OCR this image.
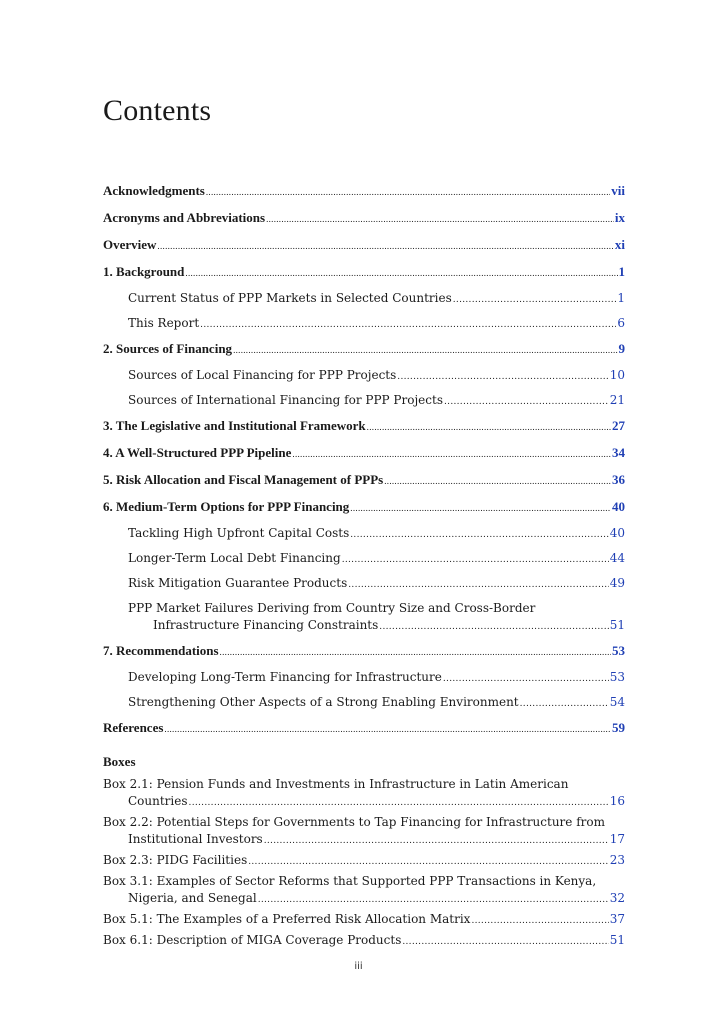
Contents
Acknowledgments .....	vii
Acronyms and Abbreviations .....	ix
Overview .....	xi
1. Background .....	1
Current Status of PPP Markets in Selected Countries .....	1
This Report .....	6
2. Sources of Financing .....	9
Sources of Local Financing for PPP Projects .....	10
Sources of International Financing for PPP Projects .....	21
3. The Legislative and Institutional Framework .....	27
4. A Well-Structured PPP Pipeline .....	34
5. Risk Allocation and Fiscal Management of PPPs .....	36
6. Medium-Term Options for PPP Financing .....	40
Tackling High Upfront Capital Costs .....	40
Longer-Term Local Debt Financing .....	44
Risk Mitigation Guarantee Products .....	49
PPP Market Failures Deriving from Country Size and Cross-Border
Infrastructure Financing Constraints .....	51
7. Recommendations .....	53
Developing Long-Term Financing for Infrastructure .....	53
Strengthening Other Aspects of a Strong Enabling Environment .....	54
References .....	59
Boxes
Box 2.1: Pension Funds and Investments in Infrastructure in Latin American
Countries .....	16
Box 2.2: Potential Steps for Governments to Tap Financing for Infrastructure from
Institutional Investors .....	17
Box 2.3: PIDG Facilities .....	23
Box 3.1: Examples of Sector Reforms that Supported PPP Transactions in Kenya,
Nigeria, and Senegal .....	32
Box 5.1: The Examples of a Preferred Risk Allocation Matrix .....	37
Box 6.1: Description of MIGA Coverage Products .....	51
iii
